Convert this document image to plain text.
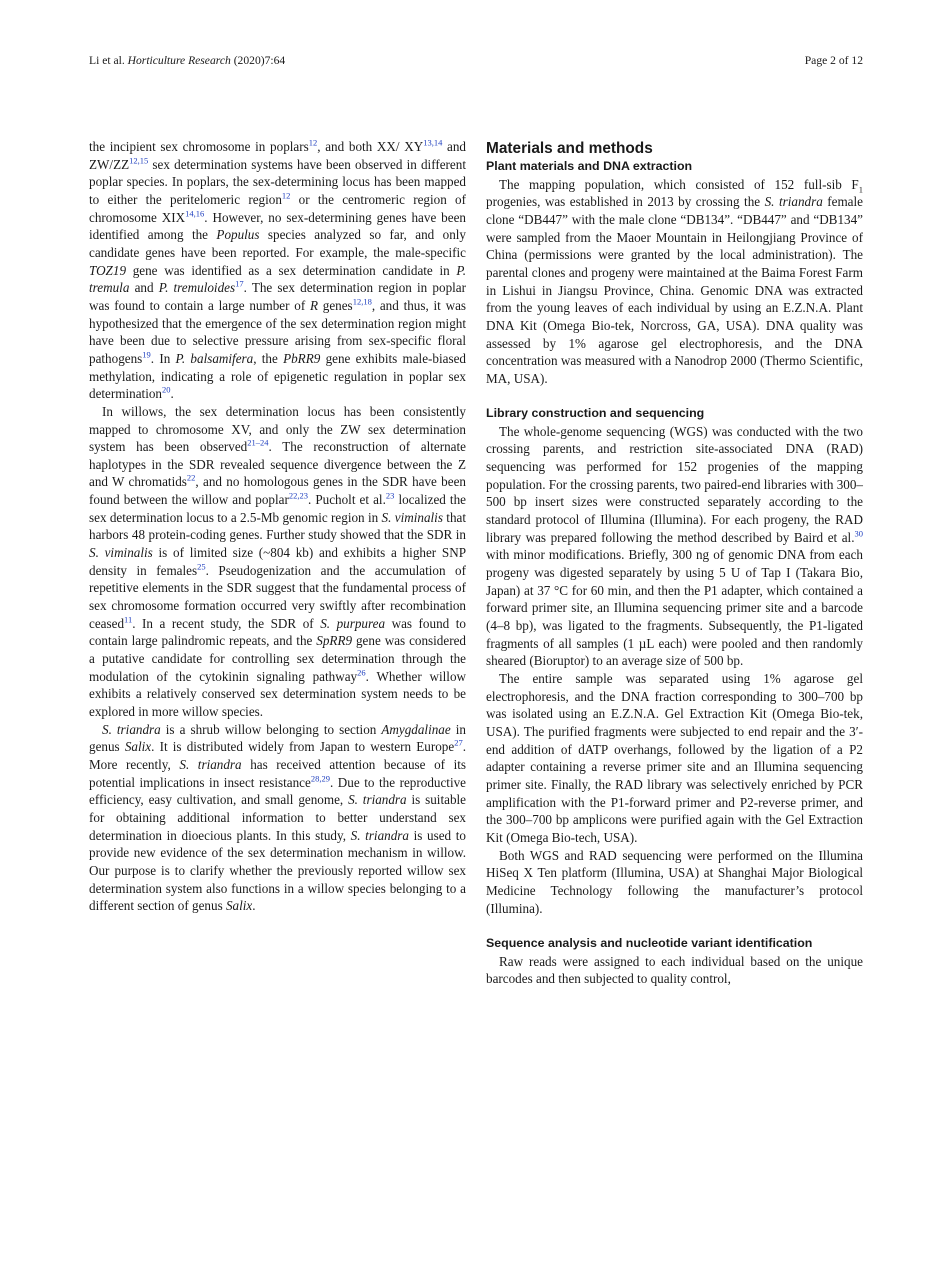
Li et al. Horticulture Research (2020)7:64	Page 2 of 12

the incipient sex chromosome in poplars$^{12}$, and both XX/ XY$^{13,14}$ and ZW/ZZ$^{12,15}$ sex determination systems have been observed in different poplar species. In poplars, the sex-determining locus has been mapped to either the peritelomeric region$^{12}$ or the centromeric region of chromosome XIX$^{14,16}$. However, no sex-determining genes have been identified among the Populus species analyzed so far, and only candidate genes have been reported. For example, the male-specific TOZ19 gene was identified as a sex determination candidate in P. tremula and P. tremuloides$^{17}$. The sex determination region in poplar was found to contain a large number of R genes$^{12,18}$, and thus, it was hypothesized that the emergence of the sex determination region might have been due to selective pressure arising from sex-specific floral pathogens$^{19}$. In P. balsamifera, the PbRR9 gene exhibits male-biased methylation, indicating a role of epigenetic regulation in poplar sex determination$^{20}$.

In willows, the sex determination locus has been consistently mapped to chromosome XV, and only the ZW sex determination system has been observed$^{21-24}$. The reconstruction of alternate haplotypes in the SDR revealed sequence divergence between the Z and W chromatids$^{22}$, and no homologous genes in the SDR have been found between the willow and poplar$^{22,23}$. Pucholt et al.$^{23}$ localized the sex determination locus to a 2.5-Mb genomic region in S. viminalis that harbors 48 protein-coding genes. Further study showed that the SDR in S. viminalis is of limited size (~804 kb) and exhibits a higher SNP density in females$^{25}$. Pseudogenization and the accumulation of repetitive elements in the SDR suggest that the fundamental process of sex chromosome formation occurred very swiftly after recombination ceased$^{11}$. In a recent study, the SDR of S. purpurea was found to contain large palindromic repeats, and the SpRR9 gene was considered a putative candidate for controlling sex determination through the modulation of the cytokinin signaling pathway$^{26}$. Whether willow exhibits a relatively conserved sex determination system needs to be explored in more willow species.

S. triandra is a shrub willow belonging to section Amygdalinae in genus Salix. It is distributed widely from Japan to western Europe$^{27}$. More recently, S. triandra has received attention because of its potential implications in insect resistance$^{28,29}$. Due to the reproductive efficiency, easy cultivation, and small genome, S. triandra is suitable for obtaining additional information to better understand sex determination in dioecious plants. In this study, S. triandra is used to provide new evidence of the sex determination mechanism in willow. Our purpose is to clarify whether the previously reported willow sex determination system also functions in a willow species belonging to a different section of genus Salix.

Materials and methods
Plant materials and DNA extraction

The mapping population, which consisted of 152 full-sib $F_1$ progenies, was established in 2013 by crossing the S. triandra female clone “DB447” with the male clone “DB134”. “DB447” and “DB134” were sampled from the Maoer Mountain in Heilongjiang Province of China (permissions were granted by the local administration). The parental clones and progeny were maintained at the Baima Forest Farm in Lishui in Jiangsu Province, China. Genomic DNA was extracted from the young leaves of each individual by using an E.Z.N.A. Plant DNA Kit (Omega Bio-tek, Norcross, GA, USA). DNA quality was assessed by 1% agarose gel electrophoresis, and the DNA concentration was measured with a Nanodrop 2000 (Thermo Scientific, MA, USA).

Library construction and sequencing

The whole-genome sequencing (WGS) was conducted with the two crossing parents, and restriction site-associated DNA (RAD) sequencing was performed for 152 progenies of the mapping population. For the crossing parents, two paired-end libraries with 300–500 bp insert sizes were constructed separately according to the standard protocol of Illumina (Illumina). For each progeny, the RAD library was prepared following the method described by Baird et al.$^{30}$ with minor modifications. Briefly, 300 ng of genomic DNA from each progeny was digested separately by using 5 U of Tap I (Takara Bio, Japan) at 37 °C for 60 min, and then the P1 adapter, which contained a forward primer site, an Illumina sequencing primer site and a barcode (4–8 bp), was ligated to the fragments. Subsequently, the P1-ligated fragments of all samples (1 µL each) were pooled and then randomly sheared (Bioruptor) to an average size of 500 bp.

The entire sample was separated using 1% agarose gel electrophoresis, and the DNA fraction corresponding to 300–700 bp was isolated using an E.Z.N.A. Gel Extraction Kit (Omega Bio-tek, USA). The purified fragments were subjected to end repair and the 3′-end addition of dATP overhangs, followed by the ligation of a P2 adapter containing a reverse primer site and an Illumina sequencing primer site. Finally, the RAD library was selectively enriched by PCR amplification with the P1-forward primer and P2-reverse primer, and the 300–700 bp amplicons were purified again with the Gel Extraction Kit (Omega Bio-tech, USA).

Both WGS and RAD sequencing were performed on the Illumina HiSeq X Ten platform (Illumina, USA) at Shanghai Major Biological Medicine Technology following the manufacturer’s protocol (Illumina).

Sequence analysis and nucleotide variant identification

Raw reads were assigned to each individual based on the unique barcodes and then subjected to quality control,
